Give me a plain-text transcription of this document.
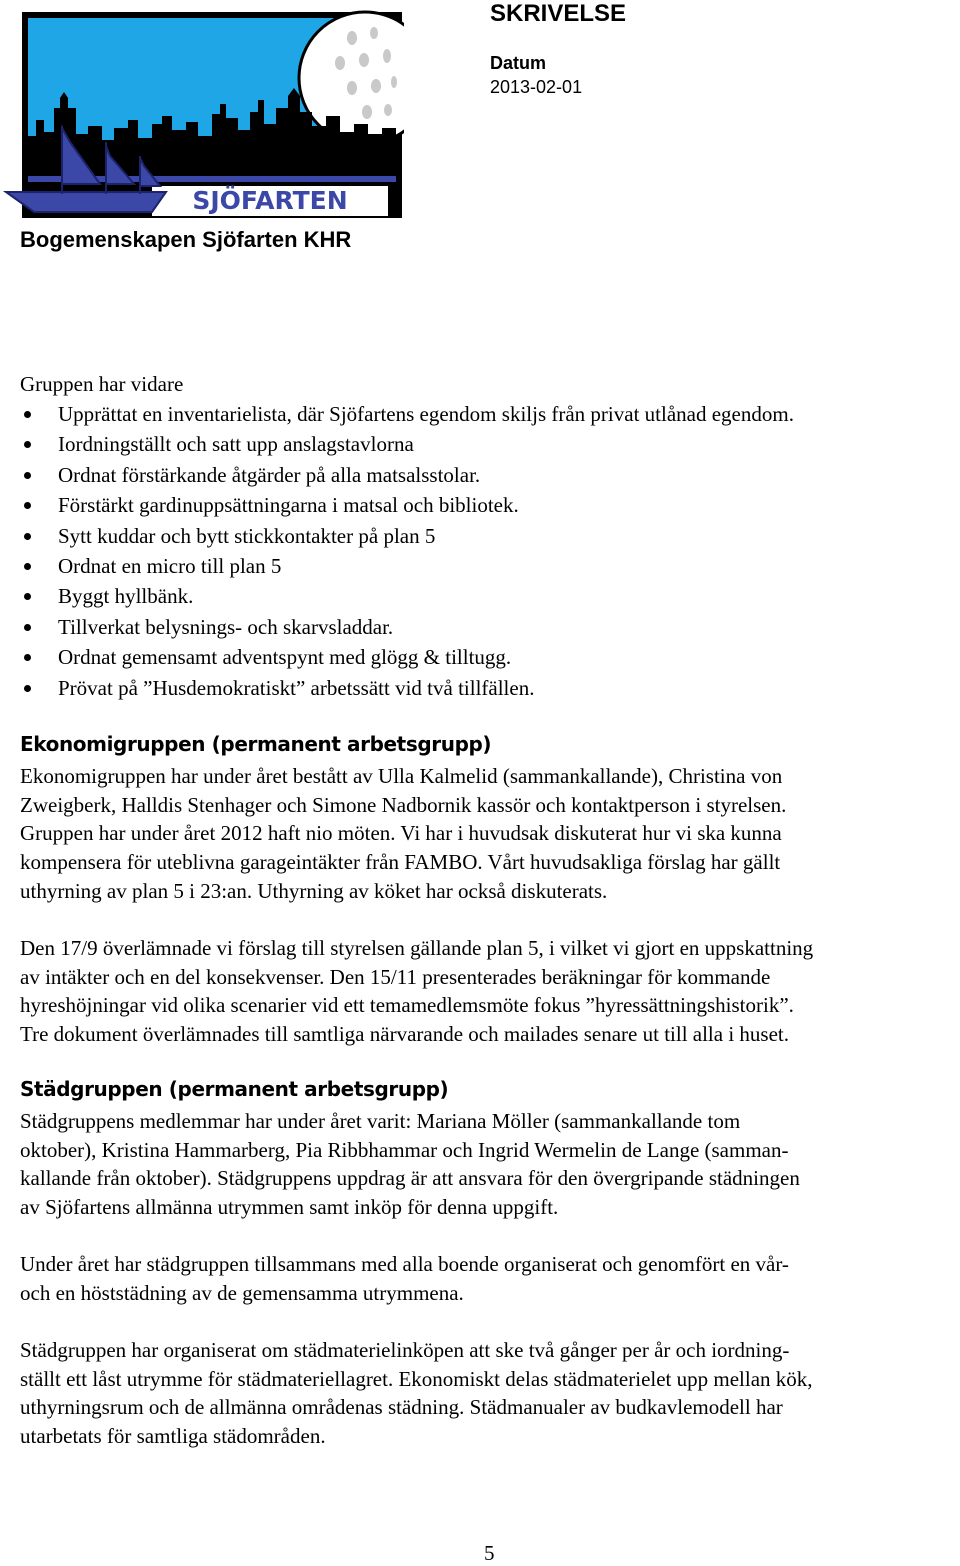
SJÖFARTEN
SKRIVELSE
Datum
2013-02-01
Bogemenskapen Sjöfarten KHR
Gruppen har vidare
Upprättat en inventarielista, där Sjöfartens egendom skiljs från privat utlånad egendom.
Iordningställt och satt upp anslagstavlorna
Ordnat förstärkande åtgärder på alla matsalsstolar.
Förstärkt gardinuppsättningarna i matsal och bibliotek.
Sytt kuddar och bytt stickkontakter på plan 5
Ordnat en micro till plan 5
Byggt hyllbänk.
Tillverkat belysnings- och skarvsladdar.
Ordnat gemensamt adventspynt med glögg & tilltugg.
Prövat på ”Husdemokratiskt” arbetssätt vid två tillfällen.
Ekonomigruppen (permanent arbetsgrupp)
Ekonomigruppen har under året bestått av Ulla Kalmelid (sammankallande), Christina von
Zweigberk, Halldis Stenhager och Simone Nadbornik kassör och kontaktperson i styrelsen.
Gruppen har under året 2012 haft nio möten. Vi har i huvudsak diskuterat hur vi ska kunna
kompensera för uteblivna garageintäkter från FAMBO. Vårt huvudsakliga förslag har gällt
uthyrning av plan 5 i 23:an. Uthyrning av köket har också diskuterats.
Den 17/9 överlämnade vi förslag till styrelsen gällande plan 5, i vilket vi gjort en uppskattning
av intäkter och en del konsekvenser. Den 15/11 presenterades beräkningar för kommande
hyreshöjningar vid olika scenarier vid ett temamedlemsmöte fokus ”hyressättningshistorik”.
Tre dokument överlämnades till samtliga närvarande och mailades senare ut till alla i huset.
Städgruppen (permanent arbetsgrupp)
Städgruppens medlemmar har under året varit: Mariana Möller (sammankallande tom
oktober), Kristina Hammarberg, Pia Ribbhammar och Ingrid Wermelin de Lange (samman-
kallande från oktober). Städgruppens uppdrag är att ansvara för den övergripande städningen
av Sjöfartens allmänna utrymmen samt inköp för denna uppgift.
Under året har städgruppen tillsammans med alla boende organiserat och genomfört en vår-
och en höststädning av de gemensamma utrymmena.
Städgruppen har organiserat om städmaterielinköpen att ske två gånger per år och iordning-
ställt ett låst utrymme för städmateriellagret. Ekonomiskt delas städmaterielet upp mellan kök,
uthyrningsrum och de allmänna områdenas städning. Städmanualer av budkavlemodell har
utarbetats för samtliga städområden.
5
